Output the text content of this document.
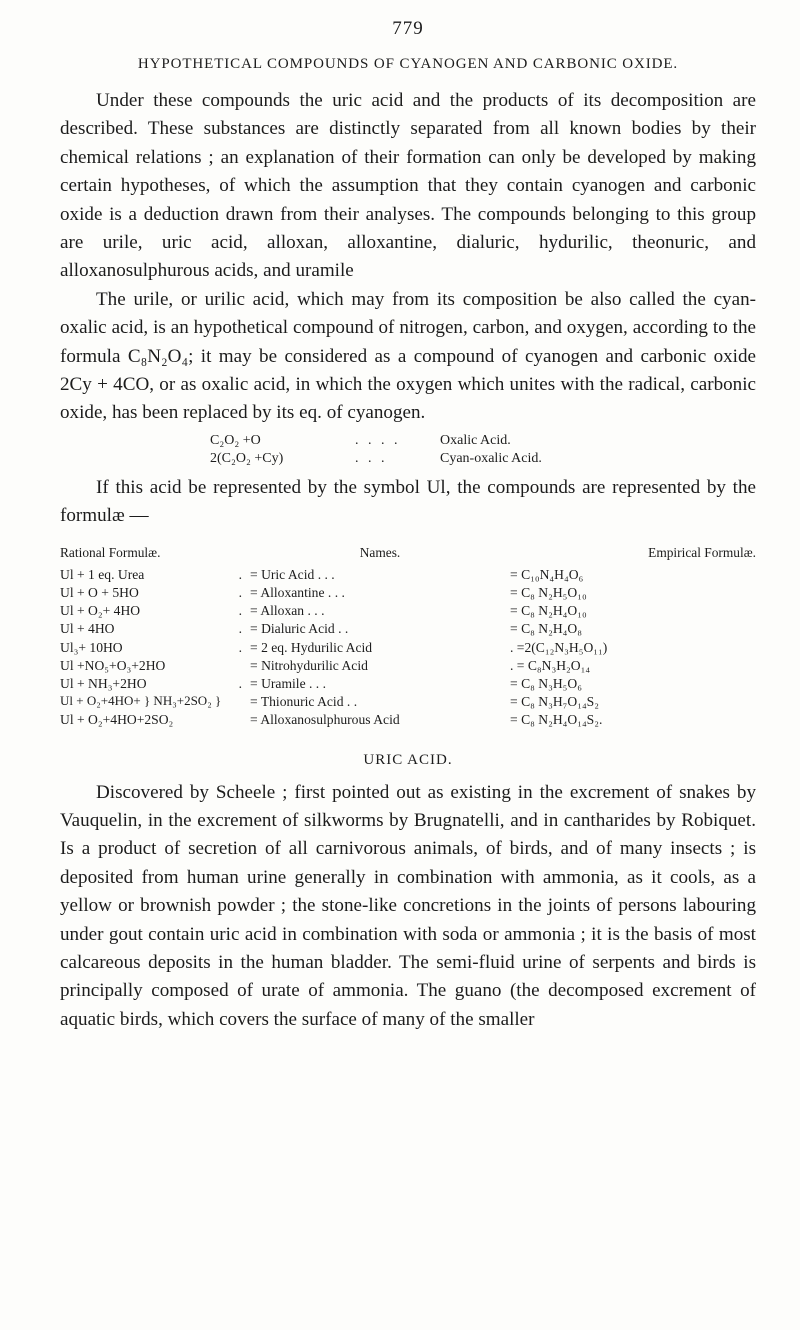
779
HYPOTHETICAL COMPOUNDS OF CYANOGEN AND CARBONIC OXIDE.

Under these compounds the uric acid and the products of its decomposition are described. These substances are distinctly separated from all known bodies by their chemical relations ; an explanation of their formation can only be developed by making certain hypotheses, of which the assumption that they contain cyanogen and carbonic oxide is a deduction drawn from their analyses. The compounds belonging to this group are urile, uric acid, alloxan, alloxantine, dialuric, hydurilic, theonuric, and alloxanosulphurous acids, and uramile

The urile, or urilic acid, which may from its composition be also called the cyan-oxalic acid, is an hypothetical compound of nitrogen, carbon, and oxygen, according to the formula C₈N₂O₄; it may be considered as a compound of cyanogen and carbonic oxide 2Cy + 4CO, or as oxalic acid, in which the oxygen which unites with the radical, carbonic oxide, has been replaced by its eq. of cyanogen.

C₂O₂ +O	. . . .	Oxalic Acid.
2(C₂O₂ +Cy)	. . .	Cyan-oxalic Acid.

If this acid be represented by the symbol Ul, the compounds are represented by the formulæ —

Rational Formulæ.	Names.	Empirical Formulæ.
Ul + 1 eq. Urea .	= Uric Acid . . .	= C₁₀N₄H₄O₆
Ul + O + 5HO .	= Alloxantine . . .	= C₈ N₂H₅O₁₀
Ul + O₂+ 4HO .	= Alloxan . . .	= C₈ N₂H₄O₁₀
Ul + 4HO .	= Dialuric Acid . .	= C₈ N₂H₄O₈
Ul₃+ 10HO .	= 2 eq. Hydurilic Acid	. =2(C₁₂N₃H₅O₁₁)
Ul +NO₅+O₃+2HO	= Nitrohydurilic Acid	. = C₈N₃H₂O₁₄
Ul + NH₃+2HO .	= Uramile . . .	= C₈ N₃H₅O₆
Ul + O₂+4HO+ } NH₃+2SO₂ }	= Thionuric Acid . .	= C₈ N₃H₇O₁₄S₂
Ul + O₂+4HO+2SO₂	= Alloxanosulphurous Acid	= C₈ N₂H₄O₁₄S₂.
URIC ACID.

Discovered by Scheele ; first pointed out as existing in the excrement of snakes by Vauquelin, in the excrement of silkworms by Brugnatelli, and in cantharides by Robiquet. Is a product of secretion of all carnivorous animals, of birds, and of many insects ; is deposited from human urine generally in combination with ammonia, as it cools, as a yellow or brownish powder ; the stone-like concretions in the joints of persons labouring under gout contain uric acid in combination with soda or ammonia ; it is the basis of most calcareous deposits in the human bladder. The semi-fluid urine of serpents and birds is principally composed of urate of ammonia. The guano (the decomposed excrement of aquatic birds, which covers the surface of many of the smaller
